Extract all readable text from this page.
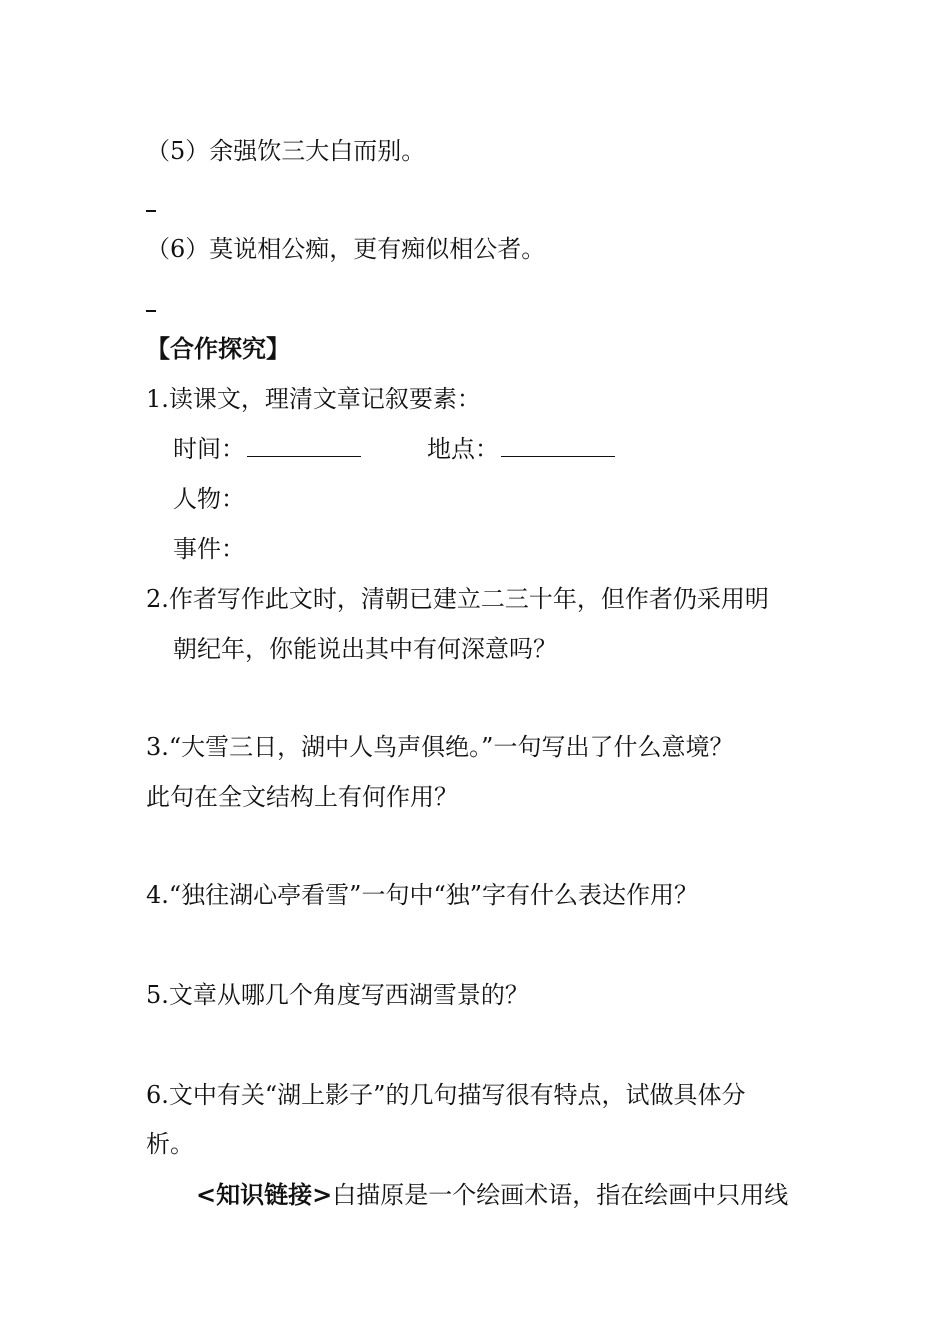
（5）余强饮三大白而别。
（6）莫说相公痴，更有痴似相公者。
【合作探究】
1.读课文，理清文章记叙要素：
时间：	地点：
人物：
事件：
2.作者写作此文时，清朝已建立二三十年，但作者仍采用明
朝纪年，你能说出其中有何深意吗？
3.“大雪三日，湖中人鸟声俱绝。”一句写出了什么意境？
此句在全文结构上有何作用？
4.“独往湖心亭看雪”一句中“独”字有什么表达作用？
5.文章从哪几个角度写西湖雪景的？
6.文中有关“湖上影子”的几句描写很有特点，试做具体分
析。
<知识链接>白描原是一个绘画术语，指在绘画中只用线
